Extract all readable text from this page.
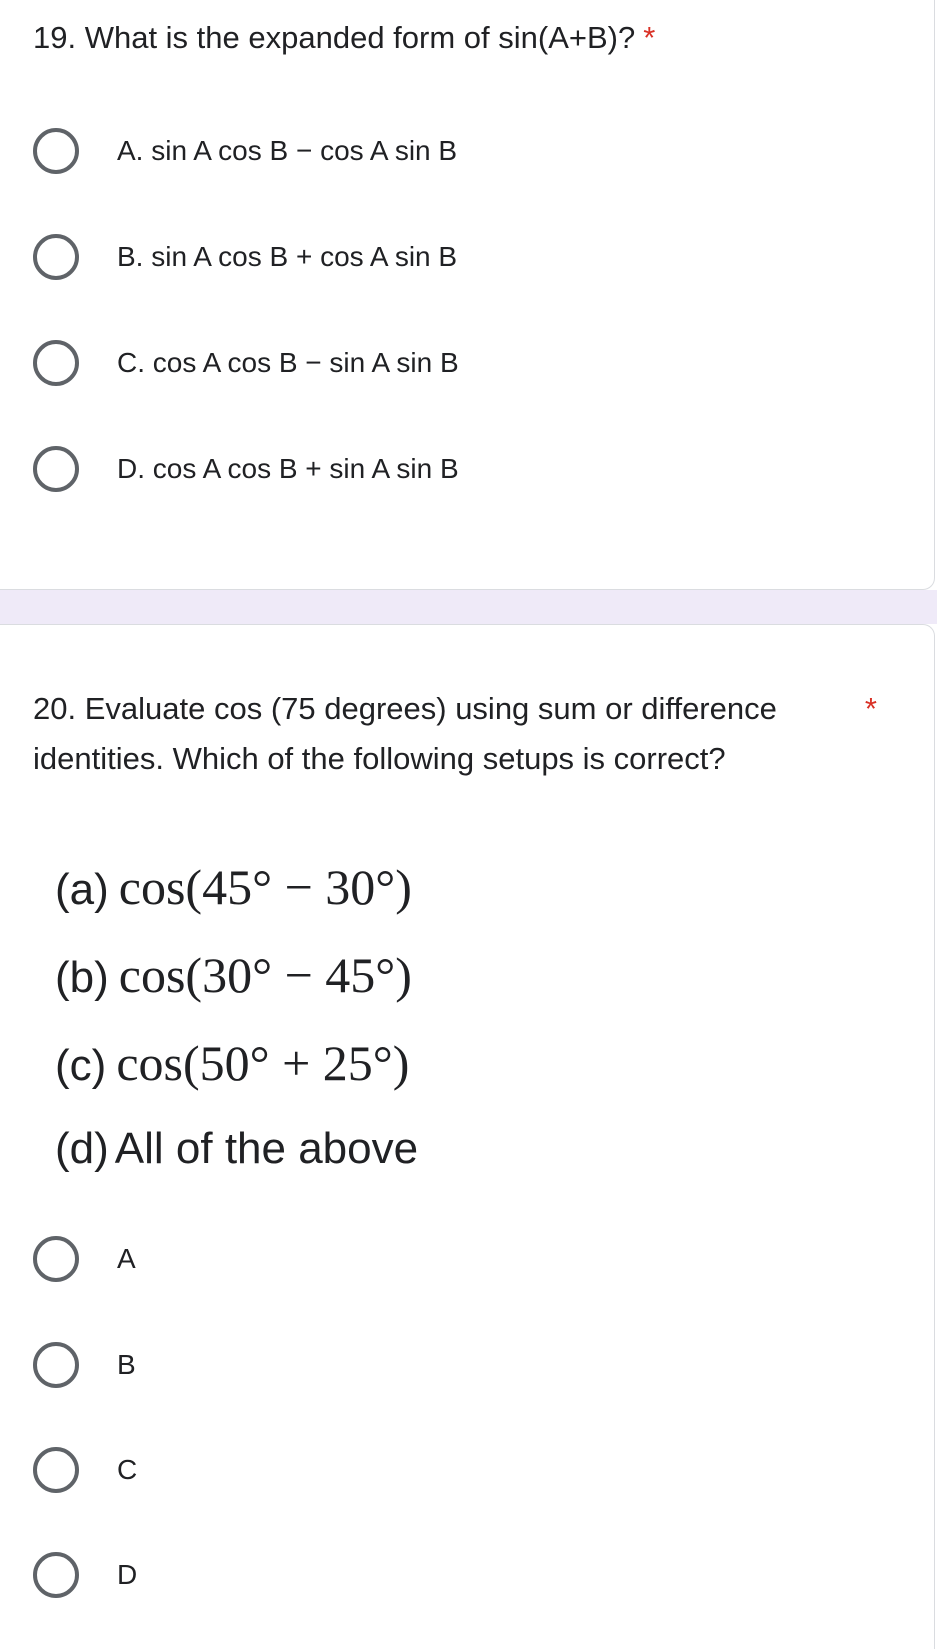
19. What is the expanded form of sin(A+B)? *
A. sin A cos B − cos A sin B
B. sin A cos B + cos A sin B
C. cos A cos B − sin A sin B
D. cos A cos B + sin A sin B
20. Evaluate cos (75 degrees) using sum or difference identities. Which of the following setups is correct?
*
(a) cos(45° − 30°)
(b) cos(30° − 45°)
(c) cos(50° + 25°)
(d) All of the above
A
B
C
D
